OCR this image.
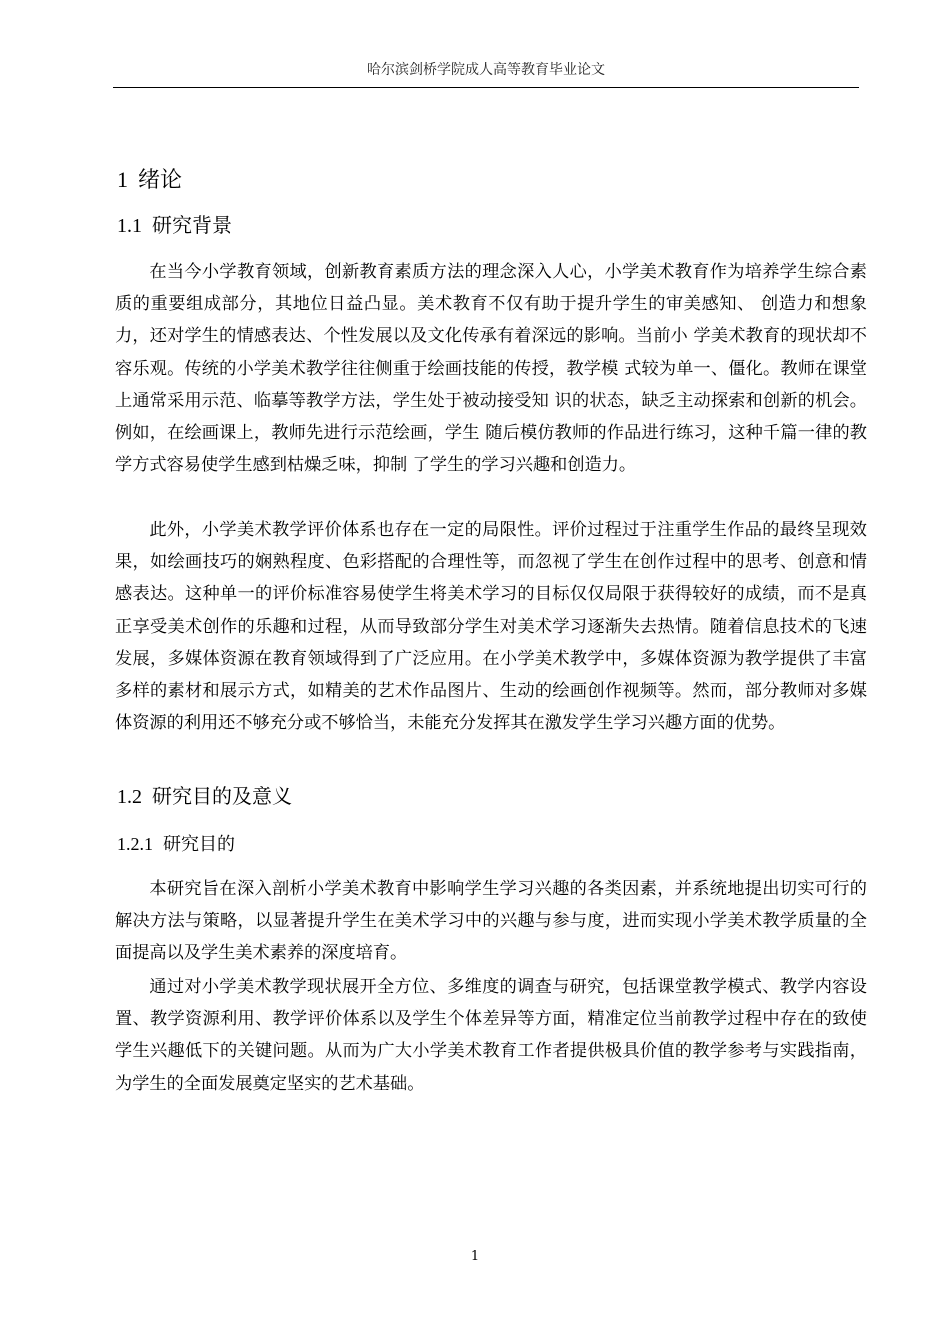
哈尔滨剑桥学院成人高等教育毕业论文
1 绪论
1.1 研究背景

在当今小学教育领域，创新教育素质方法的理念深入人心，小学美术教育作为培养学生综合素质的重要组成部分，其地位日益凸显。美术教育不仅有助于提升学生的审美感知、 创造力和想象力，还对学生的情感表达、个性发展以及文化传承有着深远的影响。当前小 学美术教育的现状却不容乐观。传统的小学美术教学往往侧重于绘画技能的传授，教学模 式较为单一、僵化。教师在课堂上通常采用示范、临摹等教学方法，学生处于被动接受知 识的状态，缺乏主动探索和创新的机会。例如，在绘画课上，教师先进行示范绘画，学生 随后模仿教师的作品进行练习，这种千篇一律的教学方式容易使学生感到枯燥乏味，抑制 了学生的学习兴趣和创造力。

此外，小学美术教学评价体系也存在一定的局限性。评价过程过于注重学生作品的最终呈现效果，如绘画技巧的娴熟程度、色彩搭配的合理性等，而忽视了学生在创作过程中的思考、创意和情感表达。这种单一的评价标准容易使学生将美术学习的目标仅仅局限于获得较好的成绩，而不是真正享受美术创作的乐趣和过程，从而导致部分学生对美术学习逐渐失去热情。随着信息技术的飞速发展，多媒体资源在教育领域得到了广泛应用。在小学美术教学中，多媒体资源为教学提供了丰富多样的素材和展示方式，如精美的艺术作品图片、生动的绘画创作视频等。然而，部分教师对多媒体资源的利用还不够充分或不够恰当，未能充分发挥其在激发学生学习兴趣方面的优势。

1.2 研究目的及意义
1.2.1 研究目的

本研究旨在深入剖析小学美术教育中影响学生学习兴趣的各类因素，并系统地提出切实可行的解决方法与策略，以显著提升学生在美术学习中的兴趣与参与度，进而实现小学美术教学质量的全面提高以及学生美术素养的深度培育。

通过对小学美术教学现状展开全方位、多维度的调查与研究，包括课堂教学模式、教学内容设置、教学资源利用、教学评价体系以及学生个体差异等方面，精准定位当前教学过程中存在的致使学生兴趣低下的关键问题。从而为广大小学美术教育工作者提供极具价值的教学参考与实践指南，为学生的全面发展奠定坚实的艺术基础。

1
